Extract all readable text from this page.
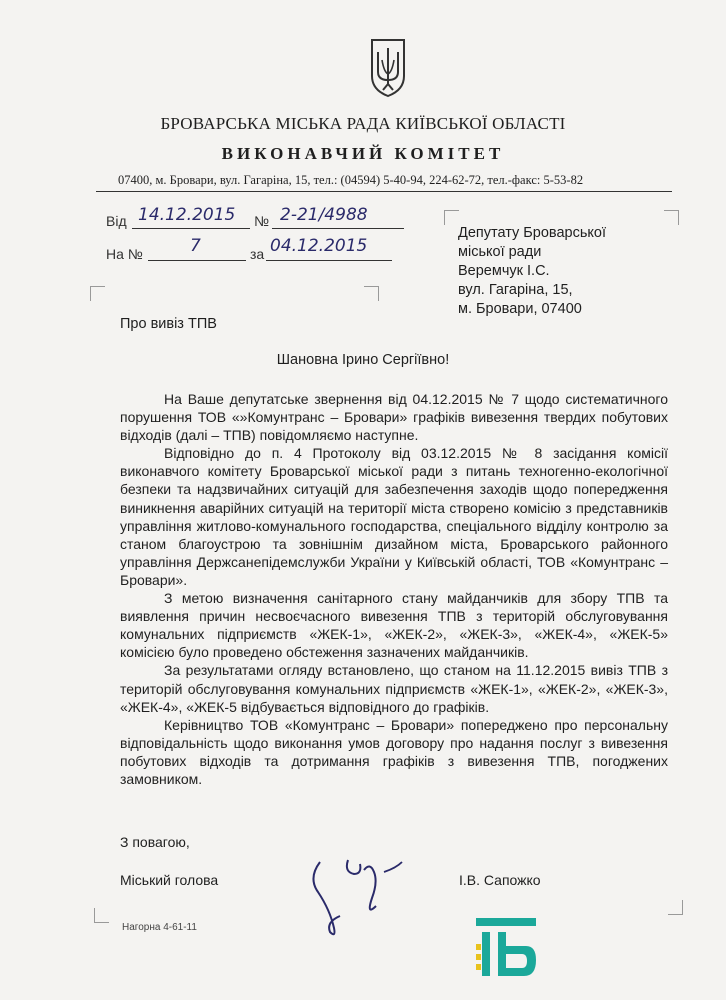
БРОВАРСЬКА МІСЬКА РАДА КИЇВСЬКОЇ ОБЛАСТІ
ВИКОНАВЧИЙ КОМІТЕТ
07400, м. Бровари, вул. Гагаріна, 15, тел.: (04594) 5-40-94, 224-62-72, тел.-факс: 5-53-82
Від 14.12.2015 № 2-21/4988
На №	7	за 04.12.2015
Депутату Броварської
міської ради
Веремчук І.С.
вул. Гагаріна, 15,
м. Бровари, 07400
Про вивіз ТПВ
Шановна Ірино Сергіївно!

На Ваше депутатське звернення від 04.12.2015 № 7 щодо систематичного порушення ТОВ «»Комунтранс – Бровари» графіків вивезення твердих побутових відходів (далі – ТПВ) повідомляємо наступне.

Відповідно до п. 4 Протоколу від 03.12.2015 № 8 засідання комісії виконавчого комітету Броварської міської ради з питань техногенно-екологічної безпеки та надзвичайних ситуацій для забезпечення заходів щодо попередження виникнення аварійних ситуацій на території міста створено комісію з представників управління житлово-комунального господарства, спеціального відділу контролю за станом благоустрою та зовнішнім дизайном міста, Броварського районного управління Держсанепідемслужби України у Київській області, ТОВ «Комунтранс – Бровари».

З метою визначення санітарного стану майданчиків для збору ТПВ та виявлення причин несвоєчасного вивезення ТПВ з територій обслуговування комунальних підприємств «ЖЕК-1», «ЖЕК-2», «ЖЕК-3», «ЖЕК-4», «ЖЕК-5» комісією було проведено обстеження зазначених майданчиків.

За результатами огляду встановлено, що станом на 11.12.2015 вивіз ТПВ з територій обслуговування комунальних підприємств «ЖЕК-1», «ЖЕК-2», «ЖЕК-3», «ЖЕК-4», «ЖЕК-5 відбувається відповідного до графіків.

Керівництво ТОВ «Комунтранс – Бровари» попереджено про персональну відповідальність щодо виконання умов договору про надання послуг з вивезення побутових відходів та дотримання графіків з вивезення ТПВ, погоджених замовником.

З повагою,
Міський голова	І.В. Сапожко
Нагорна 4-61-11
